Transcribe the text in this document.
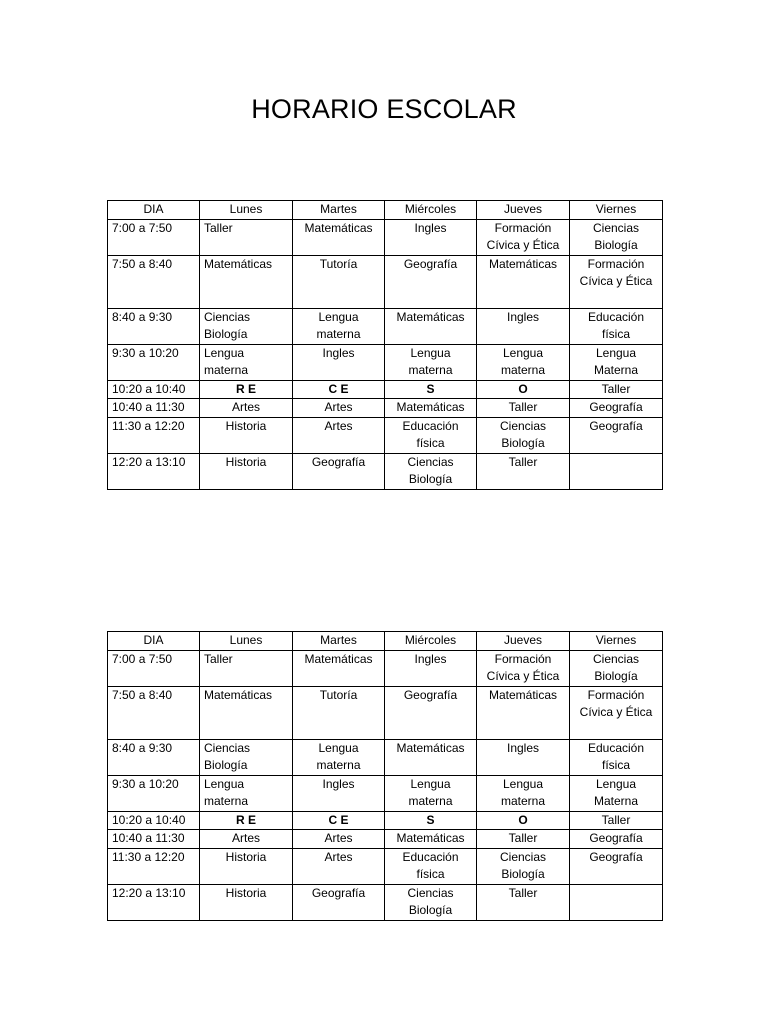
HORARIO ESCOLAR
DIA	Lunes	Martes	Miércoles	Jueves	Viernes
7:00 a 7:50	Taller	Matemáticas	Ingles	Formación Cívica y Ética	Ciencias Biología
7:50 a 8:40	Matemáticas	Tutoría	Geografía	Matemáticas	Formación Cívica y Ética
8:40 a 9:30	Ciencias Biología	Lengua materna	Matemáticas	Ingles	Educación física
9:30 a 10:20	Lengua materna	Ingles	Lengua materna	Lengua materna	Lengua Materna
10:20 a 10:40	R E	C E	S	O	Taller
10:40 a 11:30	Artes	Artes	Matemáticas	Taller	Geografía
11:30 a 12:20	Historia	Artes	Educación física	Ciencias Biología	Geografía
12:20 a 13:10	Historia	Geografía	Ciencias Biología	Taller	
DIA	Lunes	Martes	Miércoles	Jueves	Viernes
7:00 a 7:50	Taller	Matemáticas	Ingles	Formación Cívica y Ética	Ciencias Biología
7:50 a 8:40	Matemáticas	Tutoría	Geografía	Matemáticas	Formación Cívica y Ética
8:40 a 9:30	Ciencias Biología	Lengua materna	Matemáticas	Ingles	Educación física
9:30 a 10:20	Lengua materna	Ingles	Lengua materna	Lengua materna	Lengua Materna
10:20 a 10:40	R E	C E	S	O	Taller
10:40 a 11:30	Artes	Artes	Matemáticas	Taller	Geografía
11:30 a 12:20	Historia	Artes	Educación física	Ciencias Biología	Geografía
12:20 a 13:10	Historia	Geografía	Ciencias Biología	Taller	
